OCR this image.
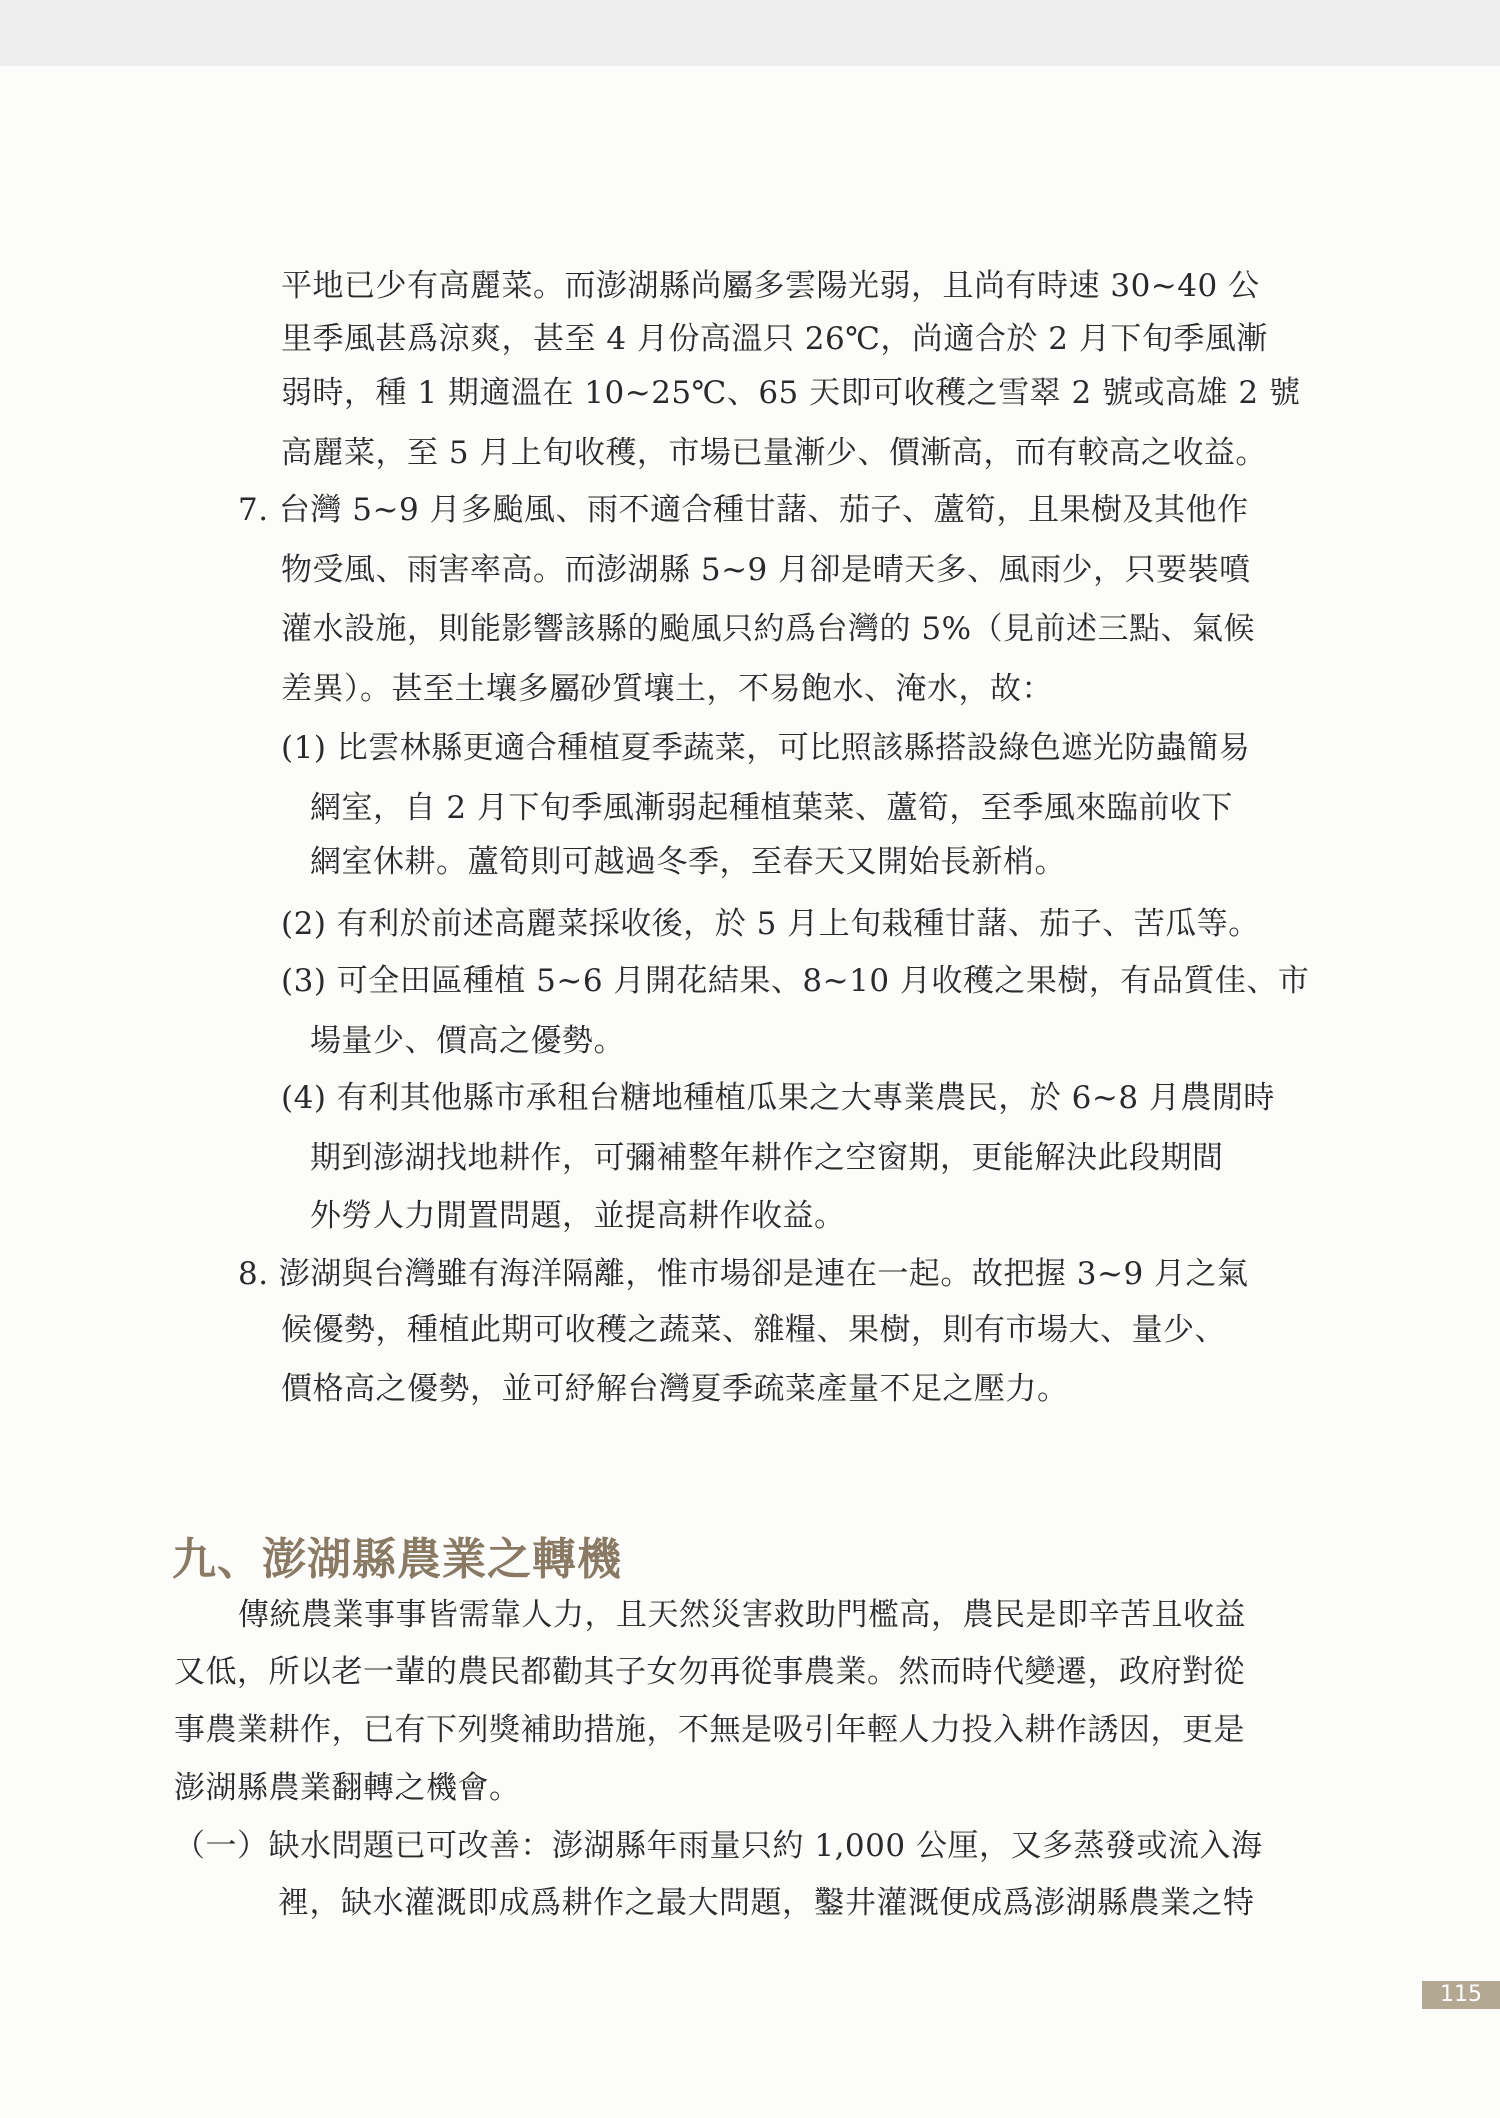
平地已少有高麗菜。而澎湖縣尚屬多雲陽光弱，且尚有時速 30~40 公
里季風甚爲涼爽，甚至 4 月份高溫只 26℃，尚適合於 2 月下旬季風漸
弱時，種 1 期適溫在 10~25℃、65 天即可收穫之雪翠 2 號或高雄 2 號
高麗菜，至 5 月上旬收穫，市場已量漸少、價漸高，而有較高之收益。
7. 台灣 5~9 月多颱風、雨不適合種甘藷、茄子、蘆筍，且果樹及其他作
物受風、雨害率高。而澎湖縣 5~9 月卻是晴天多、風雨少，只要裝噴
灌水設施，則能影響該縣的颱風只約爲台灣的 5%（見前述三點、氣候
差異）。甚至土壤多屬砂質壤土，不易飽水、淹水，故：
(1) 比雲林縣更適合種植夏季蔬菜，可比照該縣搭設綠色遮光防蟲簡易
網室，自 2 月下旬季風漸弱起種植葉菜、蘆筍，至季風來臨前收下
網室休耕。蘆筍則可越過冬季，至春天又開始長新梢。
(2) 有利於前述高麗菜採收後，於 5 月上旬栽種甘藷、茄子、苦瓜等。
(3) 可全田區種植 5~6 月開花結果、8~10 月收穫之果樹，有品質佳、市
場量少、價高之優勢。
(4) 有利其他縣市承租台糖地種植瓜果之大專業農民，於 6~8 月農閒時
期到澎湖找地耕作，可彌補整年耕作之空窗期，更能解決此段期間
外勞人力閒置問題，並提高耕作收益。
8. 澎湖與台灣雖有海洋隔離，惟市場卻是連在一起。故把握 3~9 月之氣
候優勢，種植此期可收穫之蔬菜、雜糧、果樹，則有市場大、量少、
價格高之優勢，並可紓解台灣夏季疏菜產量不足之壓力。
九、澎湖縣農業之轉機
傳統農業事事皆需靠人力，且天然災害救助門檻高，農民是即辛苦且收益
又低，所以老一輩的農民都勸其子女勿再從事農業。然而時代變遷，政府對從
事農業耕作，已有下列獎補助措施，不無是吸引年輕人力投入耕作誘因，更是
澎湖縣農業翻轉之機會。
（一）缺水問題已可改善：澎湖縣年雨量只約 1,000 公厘，又多蒸發或流入海
裡，缺水灌溉即成爲耕作之最大問題，鑿井灌溉便成爲澎湖縣農業之特
115
